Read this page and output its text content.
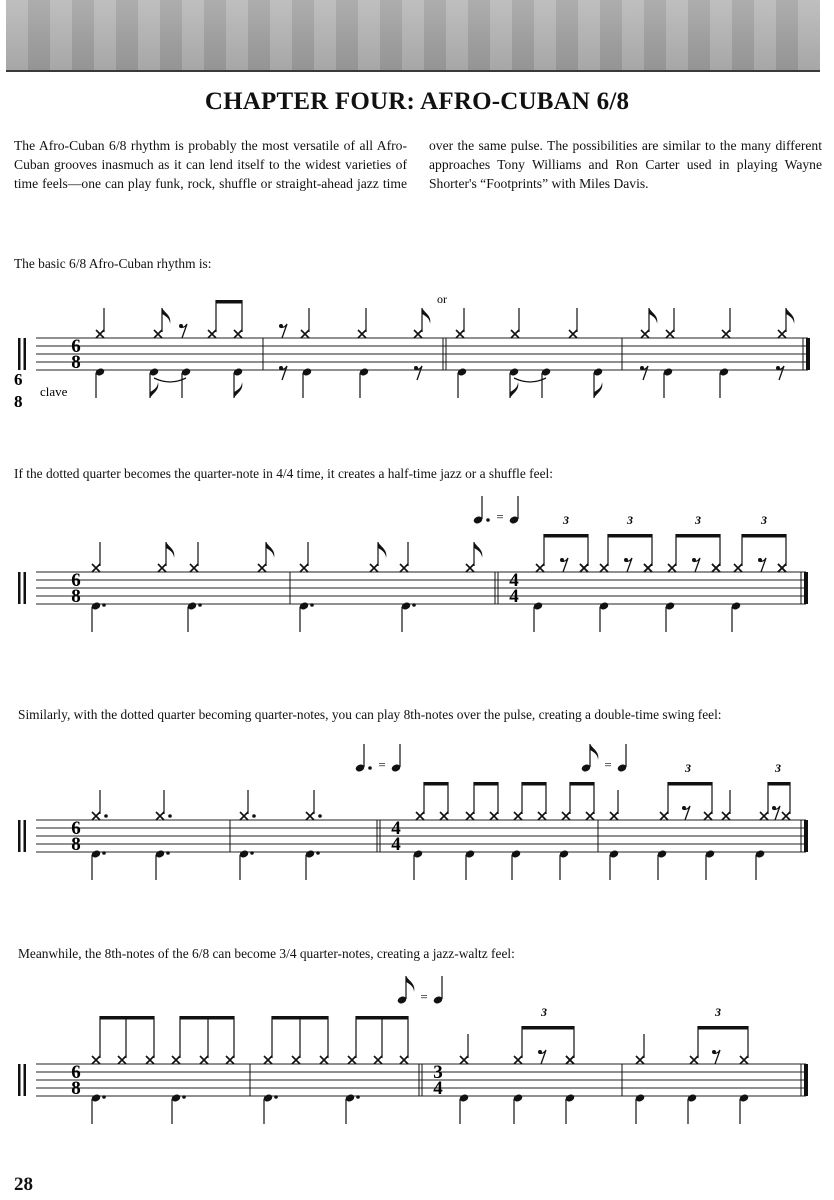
CHAPTER FOUR: AFRO-CUBAN 6/8

The Afro-Cuban 6/8 rhythm is probably the most versatile of all Afro-Cuban grooves inasmuch as it can lend itself to the widest varieties of time feels—one can play funk, rock, shuffle or straight-ahead jazz time over the same pulse. The possibilities are similar to the many different approaches Tony Williams and Ron Carter used in playing Wayne Shorter's “Footprints” with Miles Davis.

The basic 6/8 Afro-Cuban rhythm is:

If the dotted quarter becomes the quarter-note in 4/4 time, it creates a half-time jazz or a shuffle feel:

Similarly, with the dotted quarter becoming quarter-notes, you can play 8th-notes over the pulse, creating a double-time swing feel:

Meanwhile, the 8th-notes of the 6/8 can become 3/4 quarter-notes, creating a jazz-waltz feel:

6
8
6
8
4
4
=	3	3	3	3
6
8
4
4
=	=	3	3
6
8
3
4
=
3	3
or
6
8
clave

28
